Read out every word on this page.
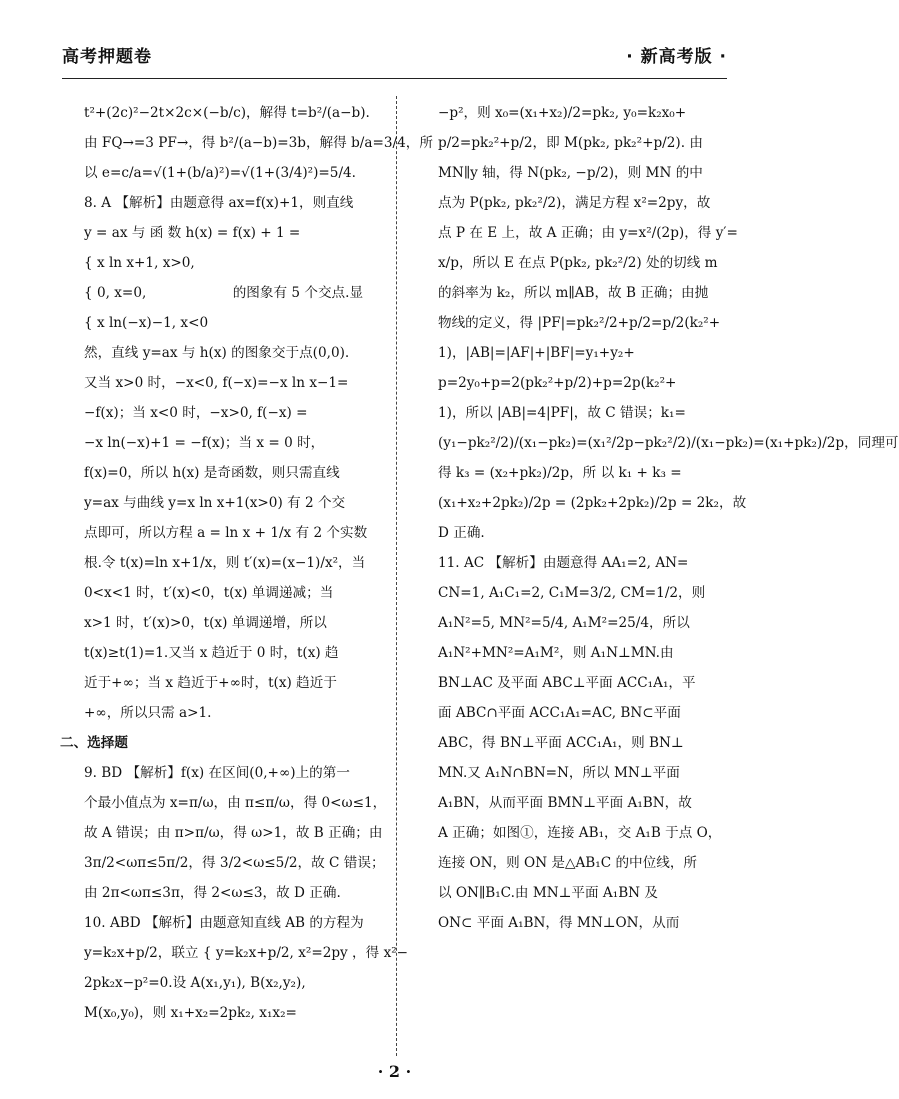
高考押题卷	· 新高考版 ·
t²+(2c)²−2t×2c×(−b/c)，解得 t=b²/(a−b).
由 FQ→=3 PF→，得 b²/(a−b)=3b，解得 b/a=3/4，所
以 e=c/a=√(1+(b/a)²)=√(1+(3/4)²)=5/4.
8. A 【解析】由题意得 ax=f(x)+1，则直线
y = ax 与 函 数 h(x) = f(x) + 1 =
{ x ln x+1, x>0,
{ 0, x=0,                    的图象有 5 个交点.显
{ x ln(−x)−1, x<0
然，直线 y=ax 与 h(x) 的图象交于点(0,0).
又当 x>0 时，−x<0, f(−x)=−x ln x−1=
−f(x)；当 x<0 时，−x>0, f(−x) =
−x ln(−x)+1 = −f(x)；当 x = 0 时，
f(x)=0，所以 h(x) 是奇函数，则只需直线
y=ax 与曲线 y=x ln x+1(x>0) 有 2 个交
点即可，所以方程 a = ln x + 1/x 有 2 个实数
根.令 t(x)=ln x+1/x，则 t′(x)=(x−1)/x²，当
0<x<1 时，t′(x)<0，t(x) 单调递减；当
x>1 时，t′(x)>0，t(x) 单调递增，所以
t(x)≥t(1)=1.又当 x 趋近于 0 时，t(x) 趋
近于+∞；当 x 趋近于+∞时，t(x) 趋近于
+∞，所以只需 a>1.
二、选择题
9. BD 【解析】f(x) 在区间(0,+∞)上的第一
个最小值点为 x=π/ω，由 π≤π/ω，得 0<ω≤1，
故 A 错误；由 π>π/ω，得 ω>1，故 B 正确；由
3π/2<ωπ≤5π/2，得 3/2<ω≤5/2，故 C 错误；
由 2π<ωπ≤3π，得 2<ω≤3，故 D 正确.
10. ABD 【解析】由题意知直线 AB 的方程为
y=k₂x+p/2，联立 { y=k₂x+p/2, x²=2py ，得 x²−
2pk₂x−p²=0.设 A(x₁,y₁), B(x₂,y₂),
M(x₀,y₀)，则 x₁+x₂=2pk₂, x₁x₂=
−p²，则 x₀=(x₁+x₂)/2=pk₂, y₀=k₂x₀+
p/2=pk₂²+p/2，即 M(pk₂, pk₂²+p/2). 由
MN∥y 轴，得 N(pk₂, −p/2)，则 MN 的中
点为 P(pk₂, pk₂²/2)，满足方程 x²=2py，故
点 P 在 E 上，故 A 正确；由 y=x²/(2p)，得 y′=
x/p，所以 E 在点 P(pk₂, pk₂²/2) 处的切线 m
的斜率为 k₂，所以 m∥AB，故 B 正确；由抛
物线的定义，得 |PF|=pk₂²/2+p/2=p/2(k₂²+
1)，|AB|=|AF|+|BF|=y₁+y₂+
p=2y₀+p=2(pk₂²+p/2)+p=2p(k₂²+
1)，所以 |AB|=4|PF|，故 C 错误；k₁=
(y₁−pk₂²/2)/(x₁−pk₂)=(x₁²/2p−pk₂²/2)/(x₁−pk₂)=(x₁+pk₂)/2p，同理可
得 k₃ = (x₂+pk₂)/2p，所 以 k₁ + k₃ =
(x₁+x₂+2pk₂)/2p = (2pk₂+2pk₂)/2p = 2k₂，故
D 正确.
11. AC 【解析】由题意得 AA₁=2, AN=
CN=1, A₁C₁=2, C₁M=3/2, CM=1/2，则
A₁N²=5, MN²=5/4, A₁M²=25/4，所以
A₁N²+MN²=A₁M²，则 A₁N⊥MN.由
BN⊥AC 及平面 ABC⊥平面 ACC₁A₁，平
面 ABC∩平面 ACC₁A₁=AC, BN⊂平面
ABC，得 BN⊥平面 ACC₁A₁，则 BN⊥
MN.又 A₁N∩BN=N，所以 MN⊥平面
A₁BN，从而平面 BMN⊥平面 A₁BN，故
A 正确；如图①，连接 AB₁，交 A₁B 于点 O，
连接 ON，则 ON 是△AB₁C 的中位线，所
以 ON∥B₁C.由 MN⊥平面 A₁BN 及
ON⊂ 平面 A₁BN，得 MN⊥ON，从而
· 2 ·
